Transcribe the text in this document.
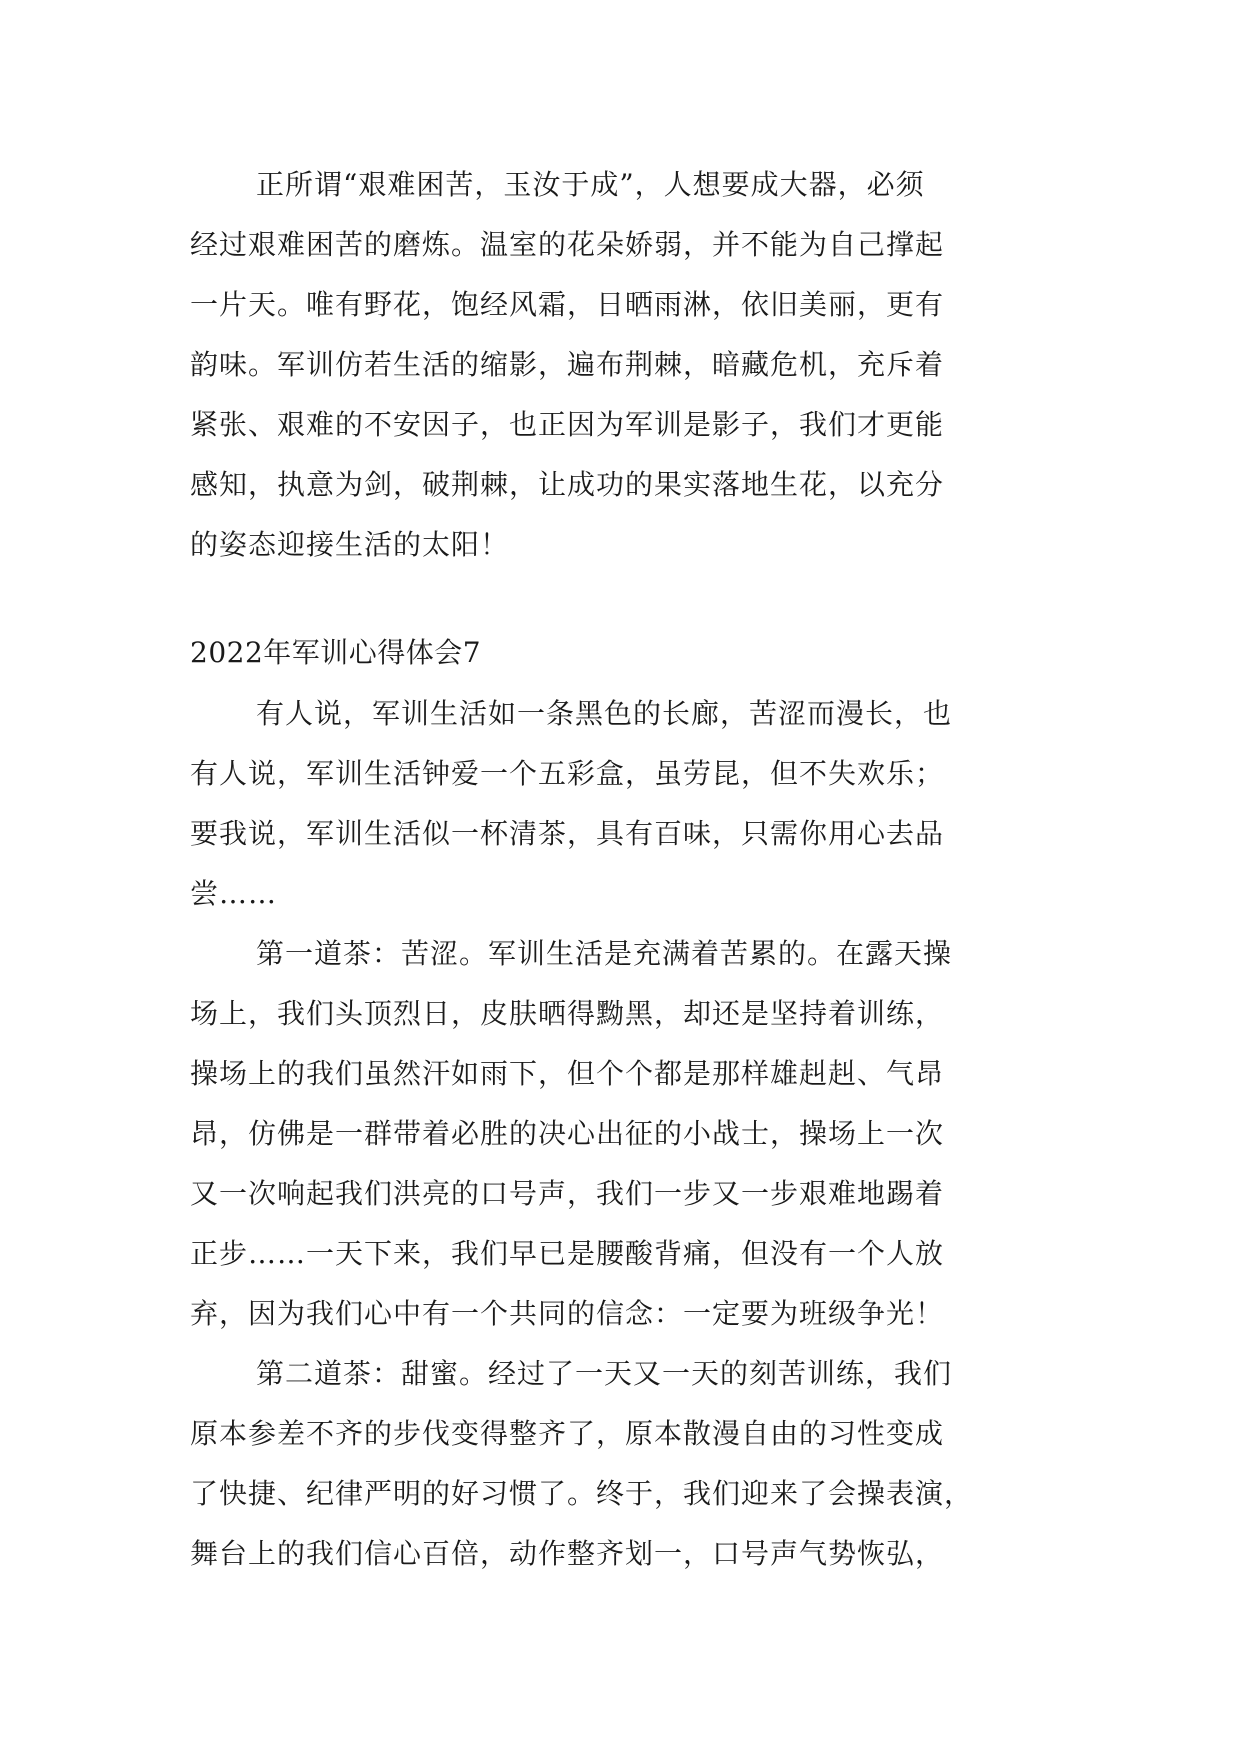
正所谓“艰难困苦，玉汝于成”，人想要成大器，必须
经过艰难困苦的磨炼。温室的花朵娇弱，并不能为自己撑起
一片天。唯有野花，饱经风霜，日晒雨淋，依旧美丽，更有
韵味。军训仿若生活的缩影，遍布荆棘，暗藏危机，充斥着
紧张、艰难的不安因子，也正因为军训是影子，我们才更能
感知，执意为剑，破荆棘，让成功的果实落地生花，以充分
的姿态迎接生活的太阳！
2022年军训心得体会7
有人说，军训生活如一条黑色的长廊，苦涩而漫长，也
有人说，军训生活钟爱一个五彩盒，虽劳昆，但不失欢乐；
要我说，军训生活似一杯清茶，具有百味，只需你用心去品
尝……
第一道茶：苦涩。军训生活是充满着苦累的。在露天操
场上，我们头顶烈日，皮肤晒得黝黑，却还是坚持着训练，
操场上的我们虽然汗如雨下，但个个都是那样雄赳赳、气昂
昂，仿佛是一群带着必胜的决心出征的小战士，操场上一次
又一次响起我们洪亮的口号声，我们一步又一步艰难地踢着
正步……一天下来，我们早已是腰酸背痛，但没有一个人放
弃，因为我们心中有一个共同的信念：一定要为班级争光！
第二道茶：甜蜜。经过了一天又一天的刻苦训练，我们
原本参差不齐的步伐变得整齐了，原本散漫自由的习性变成
了快捷、纪律严明的好习惯了。终于，我们迎来了会操表演，
舞台上的我们信心百倍，动作整齐划一，口号声气势恢弘，
